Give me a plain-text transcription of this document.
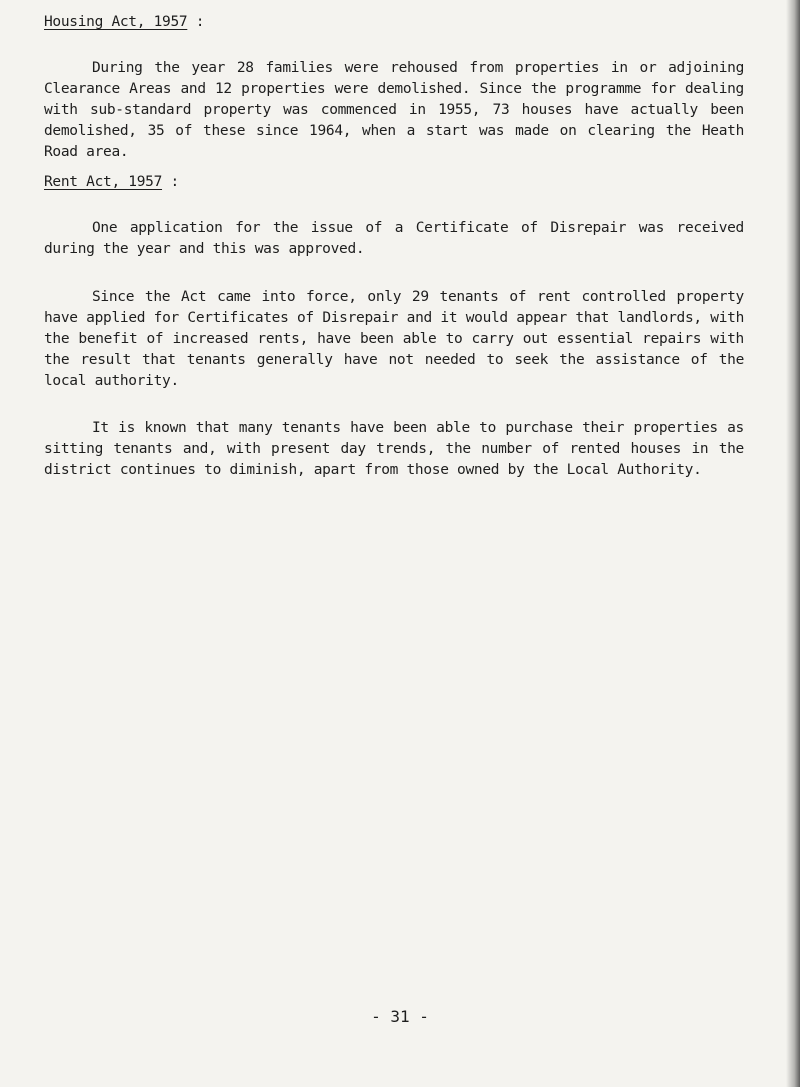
Housing Act, 1957 :

During the year 28 families were rehoused from properties in or adjoining Clearance Areas and 12 properties were demolished. Since the programme for dealing with sub-standard property was commenced in 1955, 73 houses have actually been demolished, 35 of these since 1964, when a start was made on clearing the Heath Road area.

Rent Act, 1957 :

One application for the issue of a Certificate of Disrepair was received during the year and this was approved.

Since the Act came into force, only 29 tenants of rent controlled property have applied for Certificates of Disrepair and it would appear that landlords, with the benefit of increased rents, have been able to carry out essential repairs with the result that tenants generally have not needed to seek the assistance of the local authority.

It is known that many tenants have been able to purchase their properties as sitting tenants and, with present day trends, the number of rented houses in the district continues to diminish, apart from those owned by the Local Authority.

- 31 -
